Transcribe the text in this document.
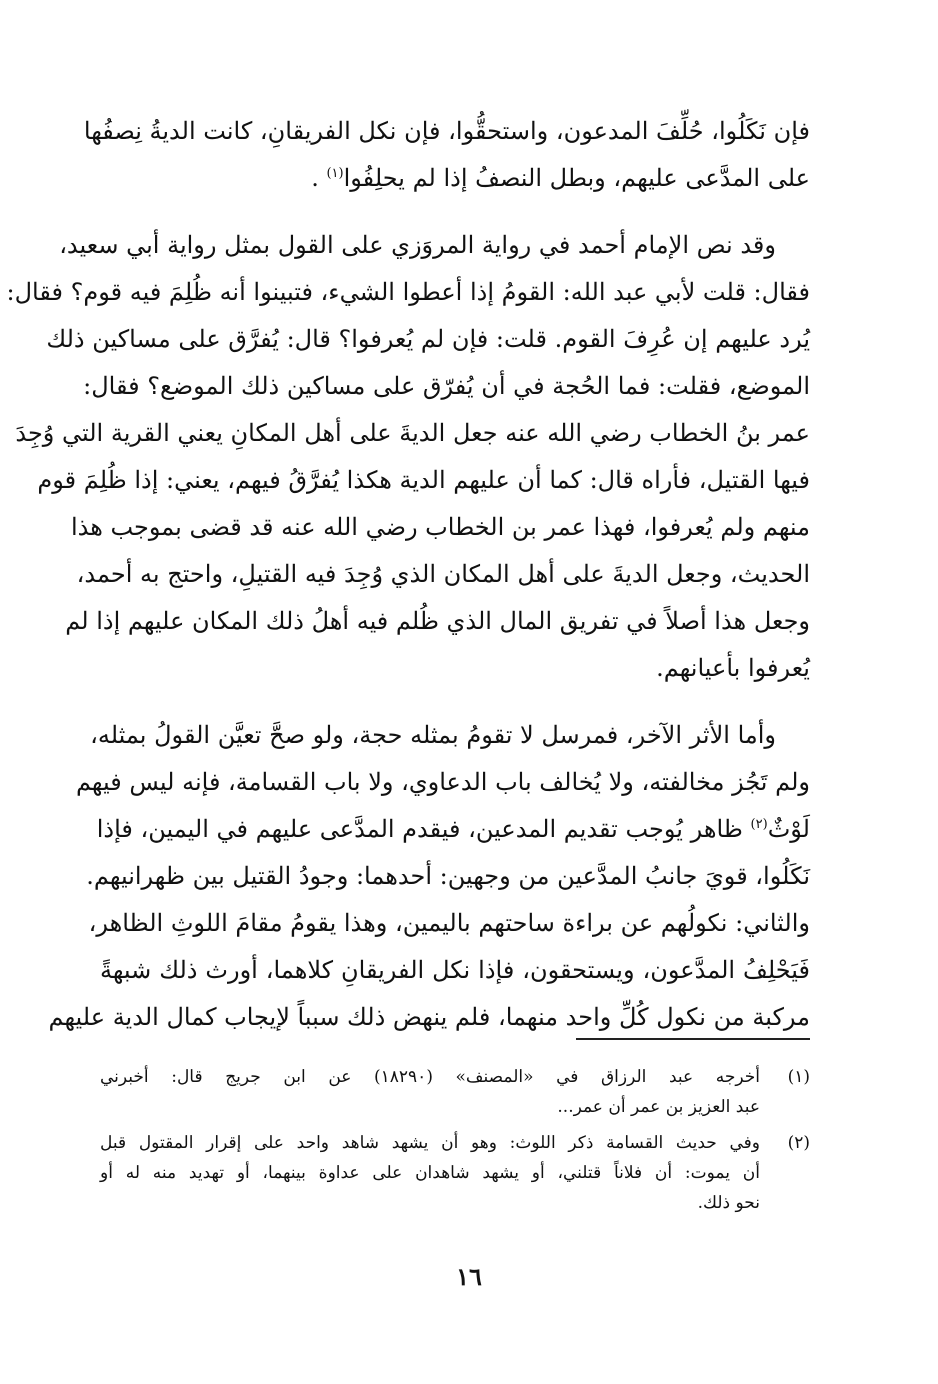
فإن نَكَلُوا، حُلِّفَ المدعون، واستحقُّوا، فإن نكل الفريقانِ، كانت الديةُ نِصفُها
على المدَّعى عليهم، وبطل النصفُ إذا لم يحلِفُوا$^{(١)}$ .

وقد نص الإمام أحمد في رواية المروَزي على القول بمثل رواية أبي سعيد،
فقال: قلت لأبي عبد الله: القومُ إذا أعطوا الشيء، فتبينوا أنه ظُلِمَ فيه قوم؟ فقال:
يُرد عليهم إن عُرِفَ القوم. قلت: فإن لم يُعرفوا؟ قال: يُفرَّق على مساكين ذلك
الموضع، فقلت: فما الحُجة في أن يُفرّق على مساكين ذلك الموضع؟ فقال:
عمر بنُ الخطاب رضي الله عنه جعل الديةَ على أهل المكانِ يعني القرية التي وُجِدَ
فيها القتيل، فأراه قال: كما أن عليهم الدية هكذا يُفرَّقُ فيهم، يعني: إذا ظُلِمَ قوم
منهم ولم يُعرفوا، فهذا عمر بن الخطاب رضي الله عنه قد قضى بموجب هذا
الحديث، وجعل الديةَ على أهل المكان الذي وُجِدَ فيه القتيلِ، واحتج به أحمد،
وجعل هذا أصلاً في تفريق المال الذي ظُلم فيه أهلُ ذلك المكان عليهم إذا لم
يُعرفوا بأعيانهم.

وأما الأثر الآخر، فمرسل لا تقومُ بمثله حجة، ولو صحَّ تعيَّن القولُ بمثله،
ولم تَجُز مخالفته، ولا يُخالف باب الدعاوي، ولا باب القسامة، فإنه ليس فيهم
لَوْثٌ$^{(٢)}$ ظاهر يُوجب تقديم المدعين، فيقدم المدَّعى عليهم في اليمين، فإذا
نَكَلُوا، قويَ جانبُ المدَّعين من وجهين: أحدهما: وجودُ القتيل بين ظهرانيهم.
والثاني: نكولُهم عن براءة ساحتهم باليمين، وهذا يقومُ مقامَ اللوثِ الظاهر،
فَيَحْلِفُ المدَّعون، ويستحقون، فإذا نكل الفريقانِ كلاهما، أورث ذلك شبهةً
مركبة من نكول كُلِّ واحد منهما، فلم ينهض ذلك سبباً لإيجاب كمال الدية عليهم

(١)
أخرجه عبد الرزاق في «المصنف» (١٨٢٩٠) عن ابن جريج قال: أخبرني
عبد العزيز بن عمر أن عمر...
(٢)
وفي حديث القسامة ذكر اللوث: وهو أن يشهد شاهد واحد على إقرار المقتول قبل
أن يموت: أن فلاناً قتلني، أو يشهد شاهدان على عداوة بينهما، أو تهديد منه له أو
نحو ذلك.
١٦
